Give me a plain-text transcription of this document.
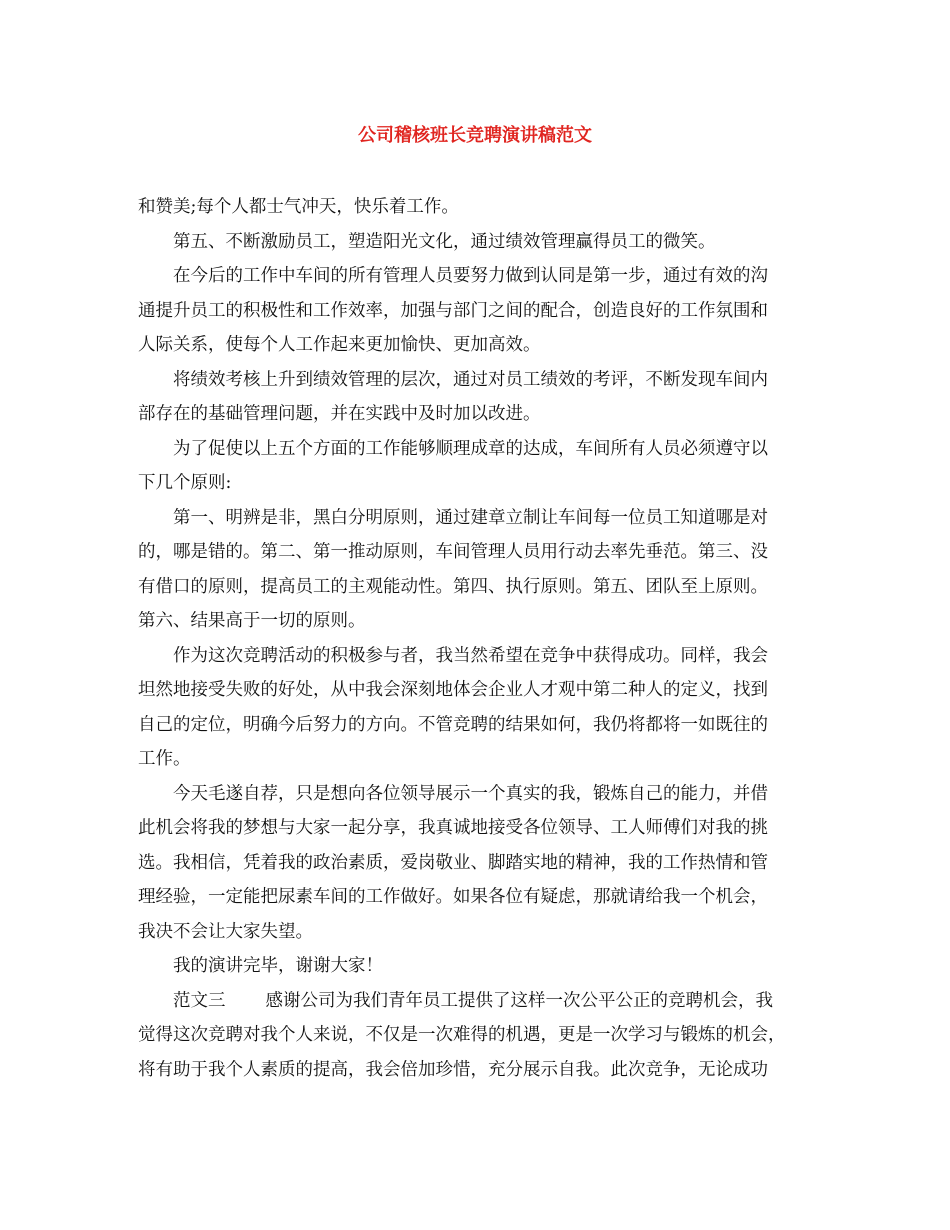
公司稽核班长竞聘演讲稿范文

和赞美;每个人都士气冲天，快乐着工作。

第五、不断激励员工，塑造阳光文化，通过绩效管理赢得员工的微笑。

在今后的工作中车间的所有管理人员要努力做到认同是第一步，通过有效的沟
通提升员工的积极性和工作效率，加强与部门之间的配合，创造良好的工作氛围和
人际关系，使每个人工作起来更加愉快、更加高效。

将绩效考核上升到绩效管理的层次，通过对员工绩效的考评，不断发现车间内
部存在的基础管理问题，并在实践中及时加以改进。

为了促使以上五个方面的工作能够顺理成章的达成，车间所有人员必须遵守以
下几个原则:

第一、明辨是非，黑白分明原则，通过建章立制让车间每一位员工知道哪是对
的，哪是错的。第二、第一推动原则，车间管理人员用行动去率先垂范。第三、没
有借口的原则，提高员工的主观能动性。第四、执行原则。第五、团队至上原则。
第六、结果高于一切的原则。

作为这次竞聘活动的积极参与者，我当然希望在竞争中获得成功。同样，我会
坦然地接受失败的好处，从中我会深刻地体会企业人才观中第二种人的定义，找到
自己的定位，明确今后努力的方向。不管竞聘的结果如何，我仍将都将一如既往的
工作。

今天毛遂自荐，只是想向各位领导展示一个真实的我，锻炼自己的能力，并借
此机会将我的梦想与大家一起分享，我真诚地接受各位领导、工人师傅们对我的挑
选。我相信，凭着我的政治素质，爱岗敬业、脚踏实地的精神，我的工作热情和管
理经验，一定能把尿素车间的工作做好。如果各位有疑虑，那就请给我一个机会，
我决不会让大家失望。

我的演讲完毕，谢谢大家！

范文三 感谢公司为我们青年员工提供了这样一次公平公正的竞聘机会，我
觉得这次竞聘对我个人来说，不仅是一次难得的机遇，更是一次学习与锻炼的机会，
将有助于我个人素质的提高，我会倍加珍惜，充分展示自我。此次竞争，无论成功
